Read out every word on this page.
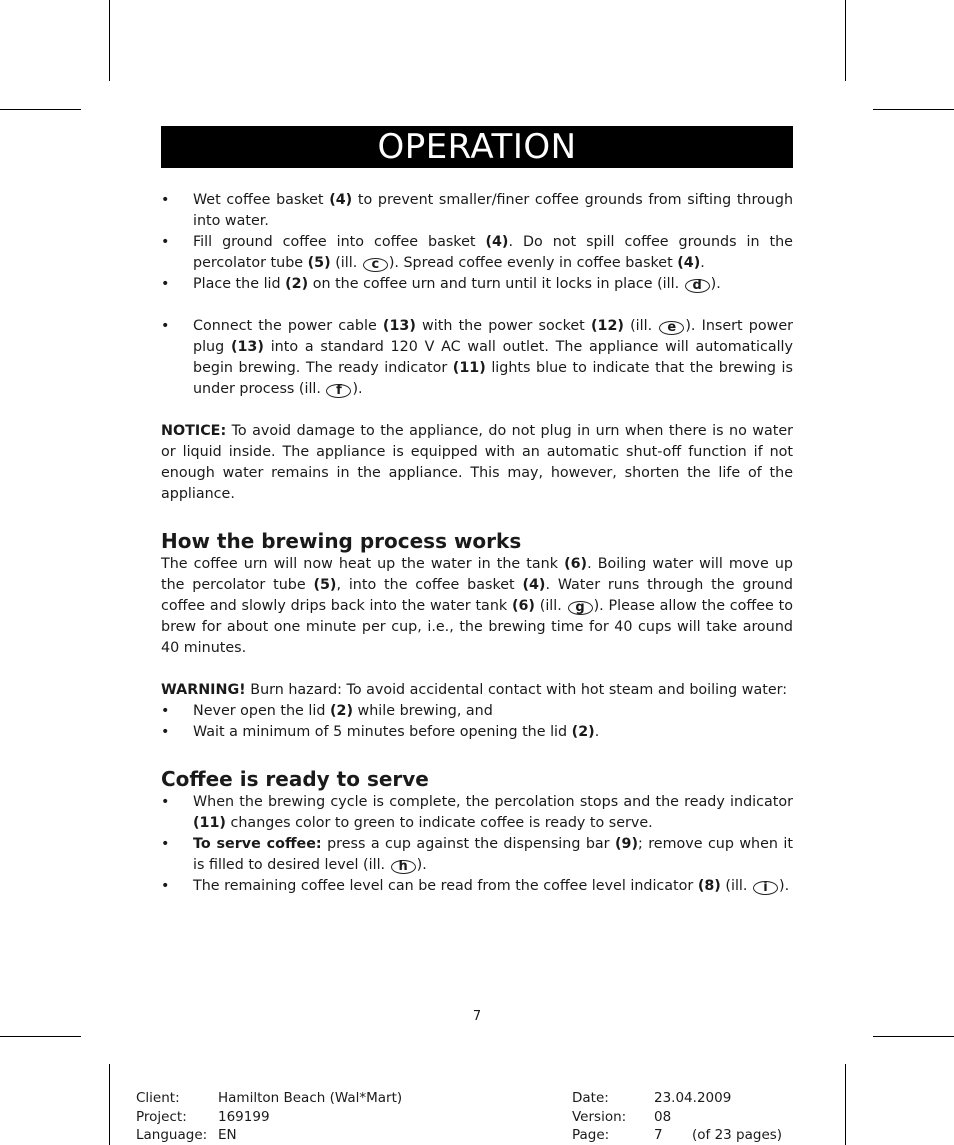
OPERATION
• Wet coffee basket (4) to prevent smaller/finer coffee grounds from sifting through into water.
• Fill ground coffee into coffee basket (4). Do not spill coffee grounds in the percolator tube (5) (ill. c ). Spread coffee evenly in coffee basket (4).
• Place the lid (2) on the coffee urn and turn until it locks in place (ill. d ).
• Connect the power cable (13) with the power socket (12) (ill. e ). Insert power plug (13) into a standard 120 V AC wall outlet. The appliance will automatically begin brewing. The ready indicator (11) lights blue to indicate that the brewing is under process (ill. f ).
NOTICE: To avoid damage to the appliance, do not plug in urn when there is no water or liquid inside. The appliance is equipped with an automatic shut-off function if not enough water remains in the appliance. This may, however, shorten the life of the appliance.
How the brewing process works
The coffee urn will now heat up the water in the tank (6). Boiling water will move up the percolator tube (5), into the coffee basket (4). Water runs through the ground coffee and slowly drips back into the water tank (6) (ill. g ). Please allow the coffee to brew for about one minute per cup, i.e., the brewing time for 40 cups will take around 40 minutes.
WARNING! Burn hazard: To avoid accidental contact with hot steam and boiling water:
• Never open the lid (2) while brewing, and
• Wait a minimum of 5 minutes before opening the lid (2).
Coffee is ready to serve
• When the brewing cycle is complete, the percolation stops and the ready indicator (11) changes color to green to indicate coffee is ready to serve.
• To serve coffee: press a cup against the dispensing bar (9); remove cup when it is filled to desired level (ill. h ).
• The remaining coffee level can be read from the coffee level indicator (8) (ill. i ).
7
Client:	Hamilton Beach (Wal*Mart)
Project:	169199
Language: EN
Date:	23.04.2009
Version:	08
Page:	7	(of 23 pages)
